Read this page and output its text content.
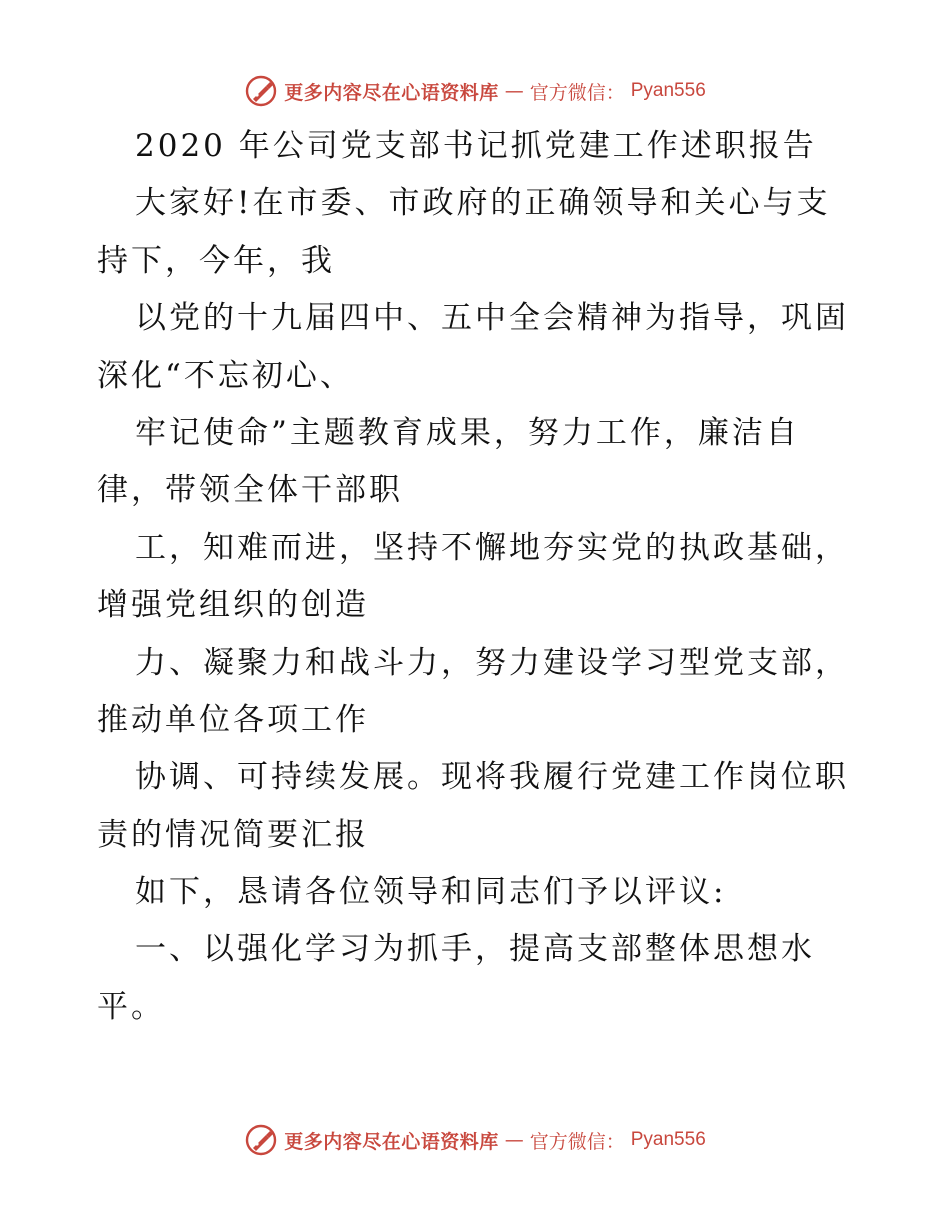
更多内容尽在心语资料库 — 官方微信： Pyan556
2020 年公司党支部书记抓党建工作述职报告
大家好!在市委、市政府的正确领导和关心与支
持下，今年，我
以党的十九届四中、五中全会精神为指导，巩固
深化“不忘初心、
牢记使命”主题教育成果，努力工作，廉洁自
律，带领全体干部职
工，知难而进，坚持不懈地夯实党的执政基础，
增强党组织的创造
力、凝聚力和战斗力，努力建设学习型党支部，
推动单位各项工作
协调、可持续发展。现将我履行党建工作岗位职
责的情况简要汇报
如下，恳请各位领导和同志们予以评议:
一、以强化学习为抓手，提高支部整体思想水
平。
更多内容尽在心语资料库 — 官方微信： Pyan556
